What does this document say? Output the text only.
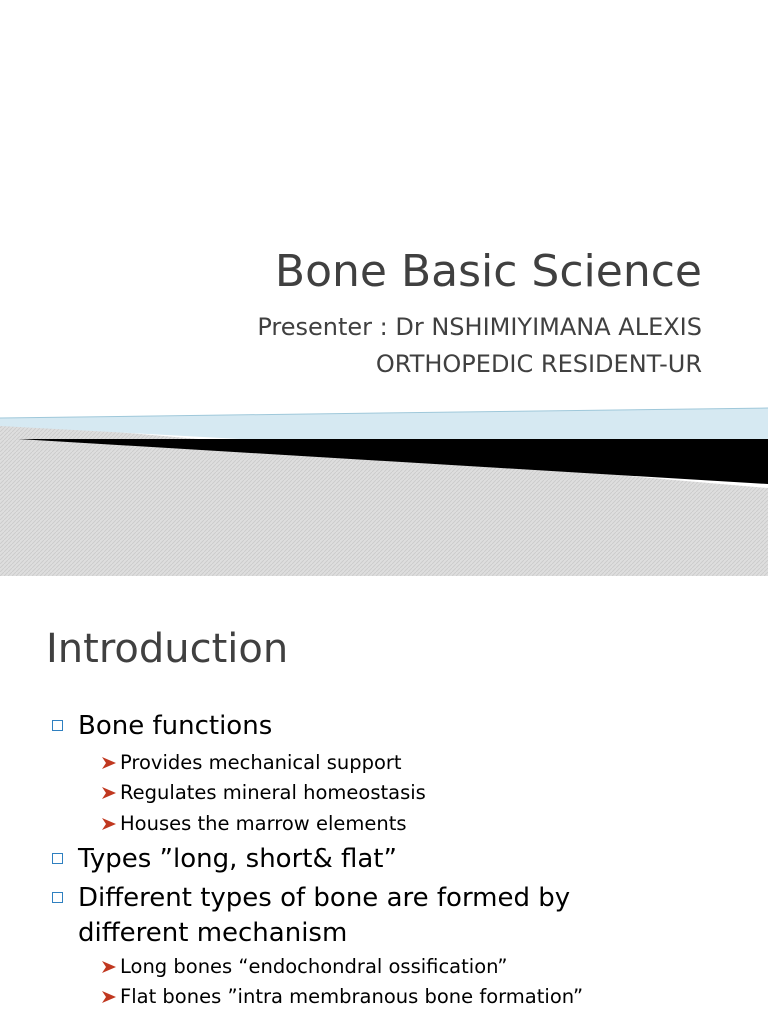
Bone Basic Science
Presenter : Dr NSHIMIYIMANA ALEXIS
ORTHOPEDIC RESIDENT-UR
Introduction
Bone functions
Provides mechanical support
Regulates mineral homeostasis
Houses the marrow elements
Types ”long, short& flat”
Different types of bone are formed by different mechanism
Long bones “endochondral ossification”
Flat bones ”intra membranous bone formation”
